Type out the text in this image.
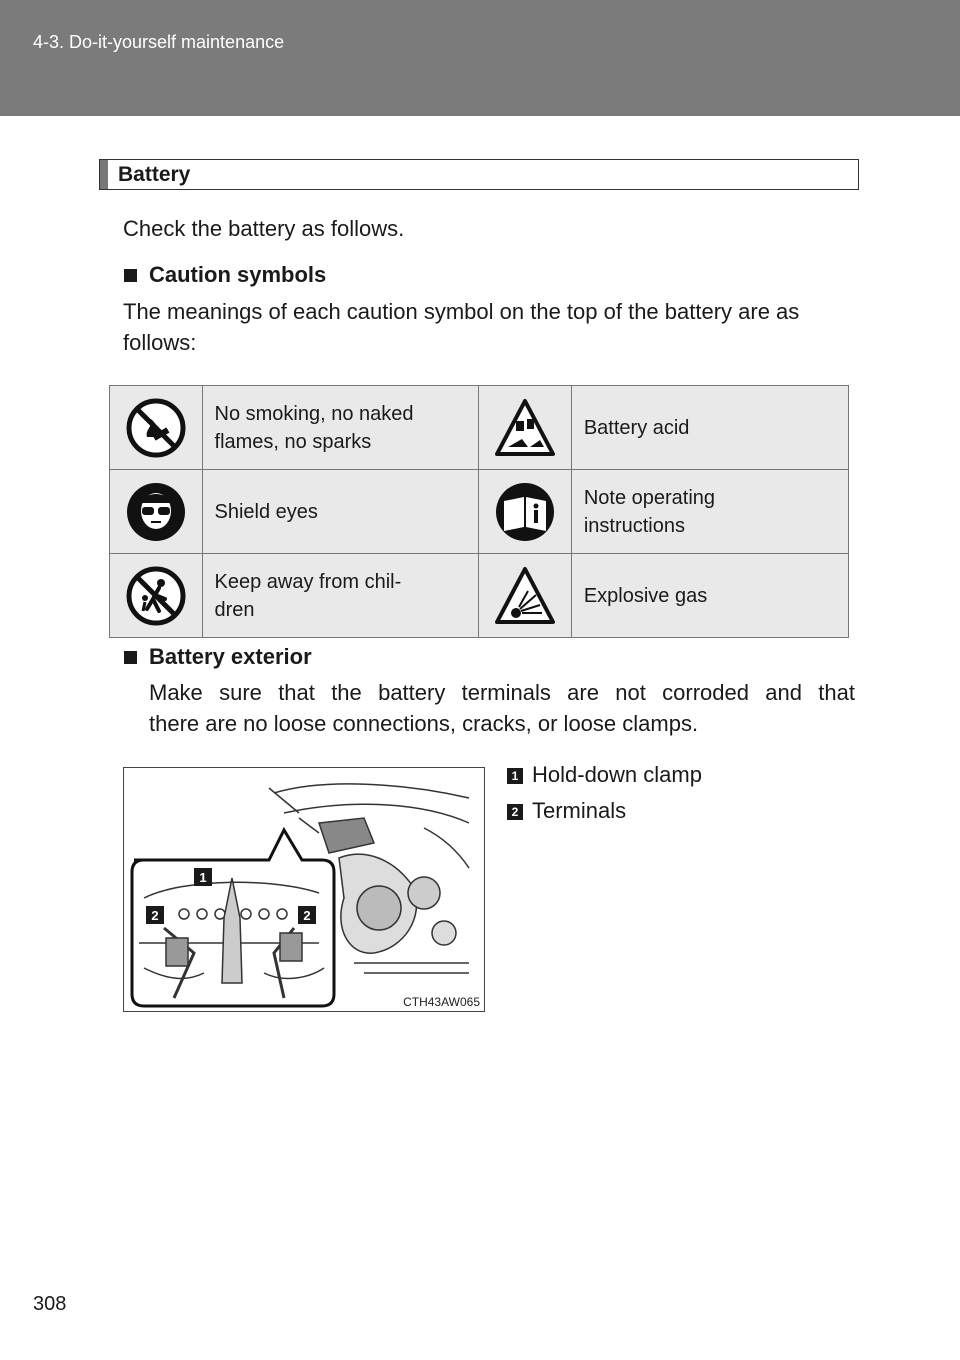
4-3. Do-it-yourself maintenance
Battery
Check the battery as follows.
Caution symbols
The meanings of each caution symbol on the top of the battery are as
follows:

No smoking, no naked
flames, no sparks		Battery acid

Shield eyes		Note operating
instructions

Keep away from chil-
dren		Explosive gas
Battery exterior
Make sure that the battery terminals are not corroded and that
there are no loose connections, cracks, or loose clamps.
1
2	2
CTH43AW065
1 Hold-down clamp
2 Terminals
308
